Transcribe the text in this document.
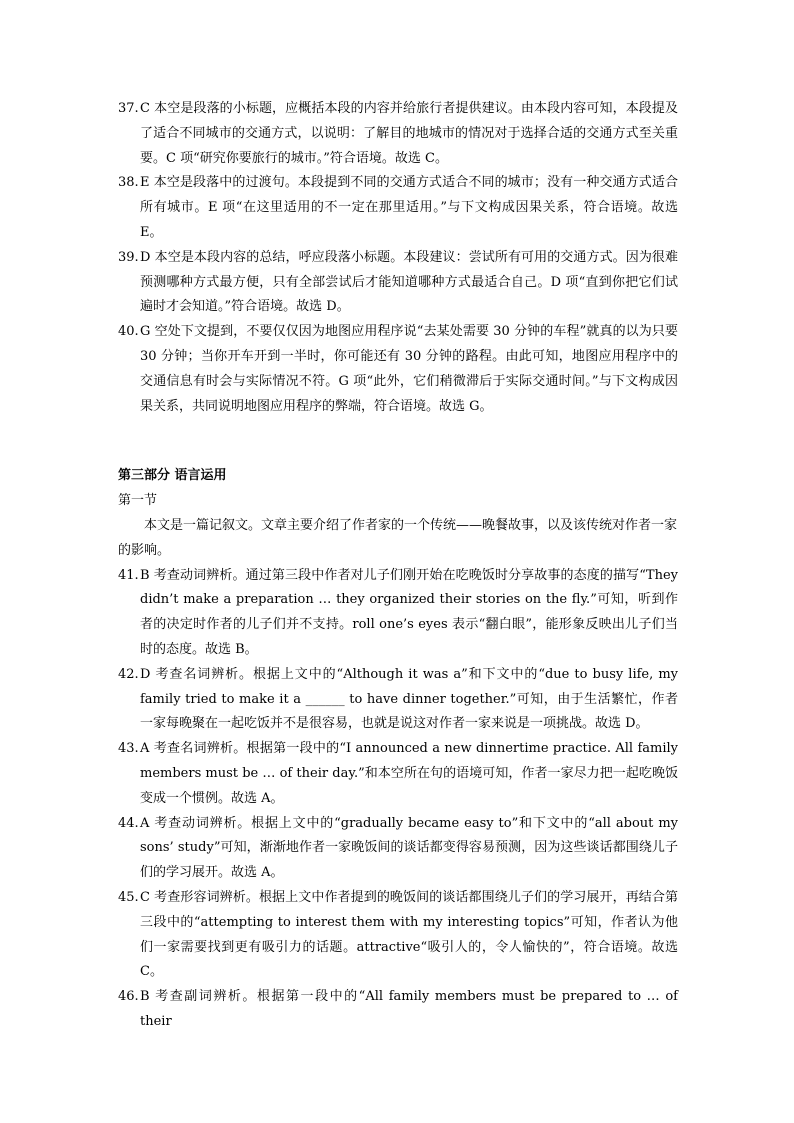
37. C 本空是段落的小标题，应概括本段的内容并给旅行者提供建议。由本段内容可知，本段提及了适合不同城市的交通方式，以说明：了解目的地城市的情况对于选择合适的交通方式至关重要。C 项“研究你要旅行的城市。”符合语境。故选 C。
38. E 本空是段落中的过渡句。本段提到不同的交通方式适合不同的城市；没有一种交通方式适合所有城市。E 项“在这里适用的不一定在那里适用。”与下文构成因果关系，符合语境。故选 E。
39. D 本空是本段内容的总结，呼应段落小标题。本段建议：尝试所有可用的交通方式。因为很难预测哪种方式最方便，只有全部尝试后才能知道哪种方式最适合自己。D 项“直到你把它们试遍时才会知道。”符合语境。故选 D。
40. G 空处下文提到，不要仅仅因为地图应用程序说“去某处需要 30 分钟的车程”就真的以为只要 30 分钟；当你开车开到一半时，你可能还有 30 分钟的路程。由此可知，地图应用程序中的交通信息有时会与实际情况不符。G 项“此外，它们稍微滞后于实际交通时间。”与下文构成因果关系，共同说明地图应用程序的弊端，符合语境。故选 G。
第三部分 语言运用
第一节
本文是一篇记叙文。文章主要介绍了作者家的一个传统——晚餐故事，以及该传统对作者一家的影响。
41. B 考查动词辨析。通过第三段中作者对儿子们刚开始在吃晚饭时分享故事的态度的描写“They didn’t make a preparation … they organized their stories on the fly.”可知，听到作者的决定时作者的儿子们并不支持。roll one’s eyes 表示“翻白眼”，能形象反映出儿子们当时的态度。故选 B。
42. D 考查名词辨析。根据上文中的“Although it was a”和下文中的“due to busy life, my family tried to make it a ______ to have dinner together.”可知，由于生活繁忙，作者一家每晚聚在一起吃饭并不是很容易，也就是说这对作者一家来说是一项挑战。故选 D。
43. A 考查名词辨析。根据第一段中的“I announced a new dinnertime practice. All family members must be … of their day.”和本空所在句的语境可知，作者一家尽力把一起吃晚饭变成一个惯例。故选 A。
44. A 考查动词辨析。根据上文中的“gradually became easy to”和下文中的“all about my sons’ study”可知，渐渐地作者一家晚饭间的谈话都变得容易预测，因为这些谈话都围绕儿子们的学习展开。故选 A。
45. C 考查形容词辨析。根据上文中作者提到的晚饭间的谈话都围绕儿子们的学习展开，再结合第三段中的“attempting to interest them with my interesting topics”可知，作者认为他们一家需要找到更有吸引力的话题。attractive“吸引人的，令人愉快的”，符合语境。故选 C。
46. B 考查副词辨析。根据第一段中的“All family members must be prepared to … of their
